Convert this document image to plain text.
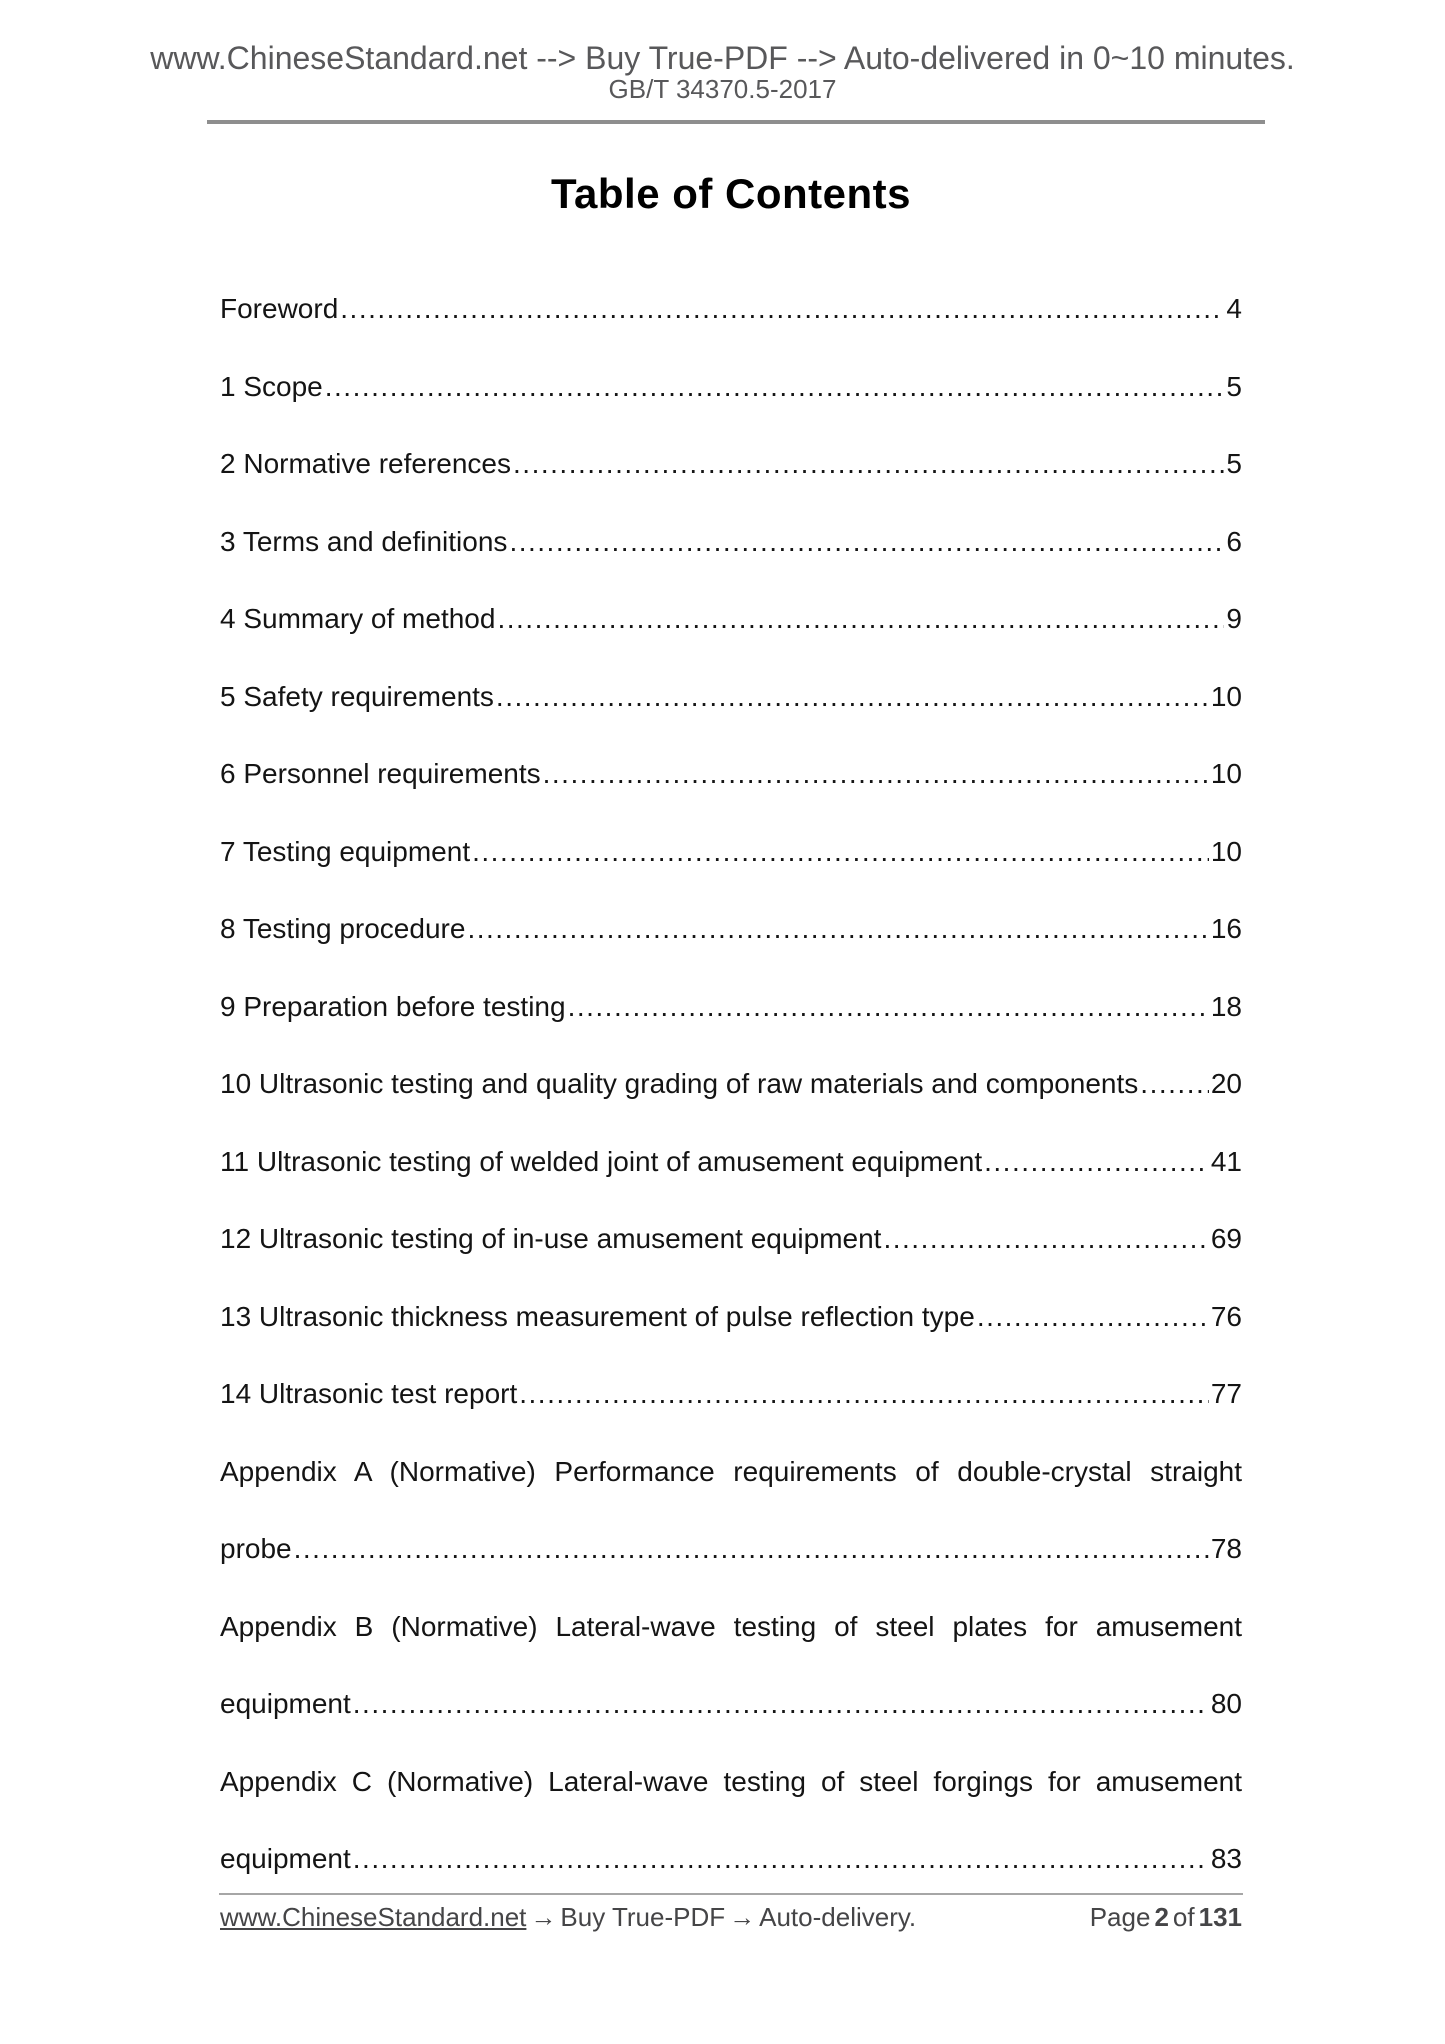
www.ChineseStandard.net --> Buy True-PDF --> Auto-delivered in 0~10 minutes.
GB/T 34370.5-2017
Table of Contents
Foreword .....	4
1 Scope .....	5
2 Normative references .....	5
3 Terms and definitions .....	6
4 Summary of method .....	9
5 Safety requirements .....	10
6 Personnel requirements .....	10
7 Testing equipment .....	10
8 Testing procedure .....	16
9 Preparation before testing .....	18
10 Ultrasonic testing and quality grading of raw materials and components .....	20
11 Ultrasonic testing of welded joint of amusement equipment .....	41
12 Ultrasonic testing of in-use amusement equipment .....	69
13 Ultrasonic thickness measurement of pulse reflection type .....	76
14 Ultrasonic test report .....	77
Appendix A (Normative) Performance requirements of double-crystal straight
probe .....	78
Appendix B (Normative) Lateral-wave testing of steel plates for amusement
equipment .....	80
Appendix C (Normative) Lateral-wave testing of steel forgings for amusement
equipment .....	83
www.ChineseStandard.net → Buy True-PDF → Auto-delivery.	Page 2 of 131
